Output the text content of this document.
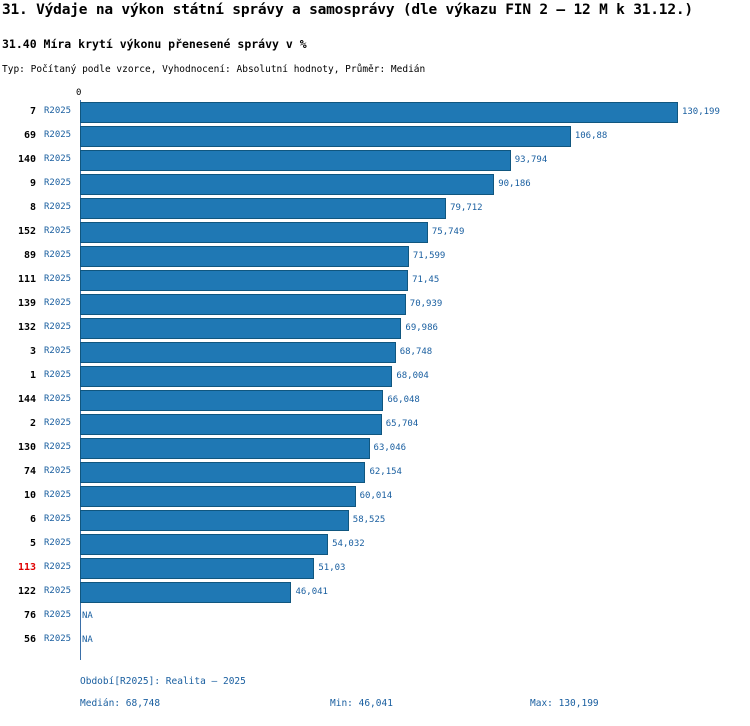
31. Výdaje na výkon státní správy a samosprávy (dle výkazu FIN 2 – 12 M k 31.12.)
31.40 Míra krytí výkonu přenesené správy v %
Typ: Počítaný podle vzorce, Vyhodnocení: Absolutní hodnoty, Průměr: Medián
0
7 R2025	130,199
69 R2025	106,88
140 R2025	93,794
9 R2025	90,186
8 R2025	79,712
152 R2025	75,749
89 R2025	71,599
111 R2025	71,45
139 R2025	70,939
132 R2025	69,986
3 R2025	68,748
1 R2025	68,004
144 R2025	66,048
2 R2025	65,704
130 R2025	63,046
74 R2025	62,154
10 R2025	60,014
6 R2025	58,525
5 R2025	54,032
113 R2025	51,03
122 R2025	46,041
76 R2025 NA
56 R2025 NA
Období[R2025]: Realita – 2025
Medián: 68,748	Min: 46,041	Max: 130,199
